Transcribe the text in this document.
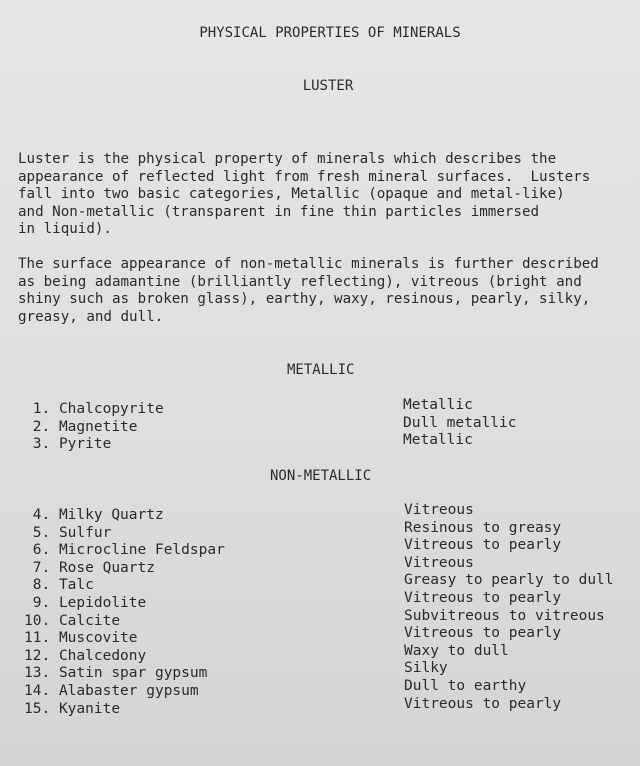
PHYSICAL PROPERTIES OF MINERALS
LUSTER
Luster is the physical property of minerals which describes the
appearance of reflected light from fresh mineral surfaces.  Lusters
fall into two basic categories, Metallic (opaque and metal-like)
and Non-metallic (transparent in fine thin particles immersed
in liquid).
The surface appearance of non-metallic minerals is further described
as being adamantine (brilliantly reflecting), vitreous (bright and
shiny such as broken glass), earthy, waxy, resinous, pearly, silky,
greasy, and dull.
METALLIC
1. Chalcopyrite
2. Magnetite
3. Pyrite
Metallic
Dull metallic
Metallic
NON-METALLIC
4. Milky Quartz
5. Sulfur
6. Microcline Feldspar
7. Rose Quartz
8. Talc
9. Lepidolite
10. Calcite
11. Muscovite
12. Chalcedony
13. Satin spar gypsum
14. Alabaster gypsum
15. Kyanite
Vitreous
Resinous to greasy
Vitreous to pearly
Vitreous
Greasy to pearly to dull
Vitreous to pearly
Subvitreous to vitreous
Vitreous to pearly
Waxy to dull
Silky
Dull to earthy
Vitreous to pearly
